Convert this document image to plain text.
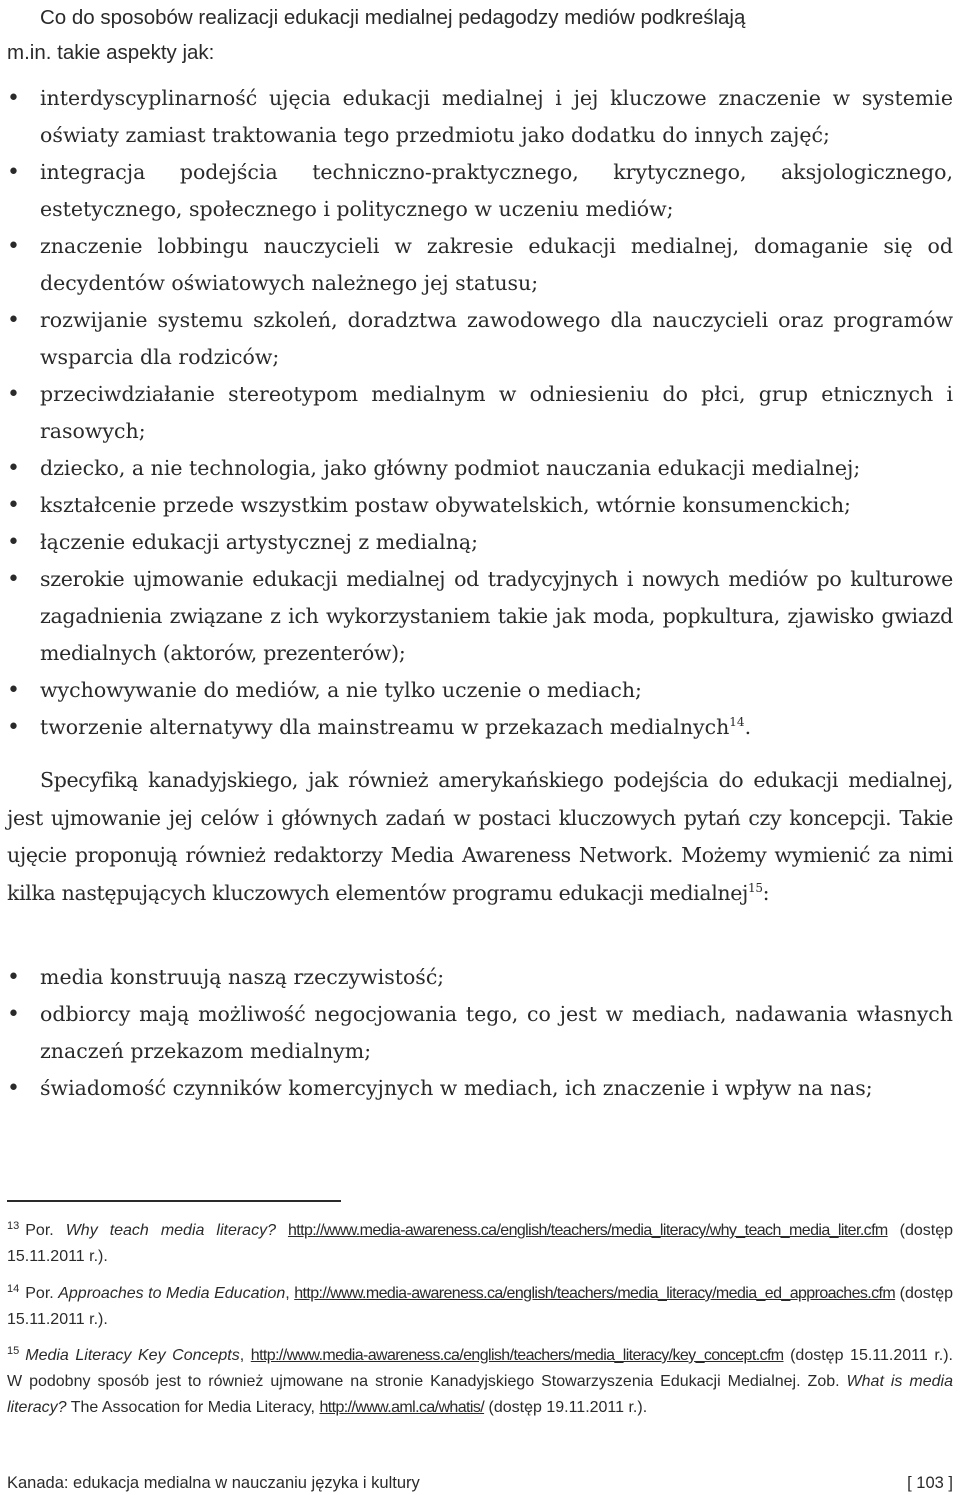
Co do sposobów realizacji edukacji medialnej pedagodzy mediów podkreślają
m.in. takie aspekty jak:

• interdyscyplinarność ujęcia edukacji medialnej i jej kluczowe znaczenie w systemie oświaty zamiast traktowania tego przedmiotu jako dodatku do innych zajęć;
• integracja podejścia techniczno-praktycznego, krytycznego, aksjologicznego, estetycznego, społecznego i politycznego w uczeniu mediów;
• znaczenie lobbingu nauczycieli w zakresie edukacji medialnej, domaganie się od decydentów oświatowych należnego jej statusu;
• rozwijanie systemu szkoleń, doradztwa zawodowego dla nauczycieli oraz programów wsparcia dla rodziców;
• przeciwdziałanie stereotypom medialnym w odniesieniu do płci, grup etnicznych i rasowych;
• dziecko, a nie technologia, jako główny podmiot nauczania edukacji medialnej;
• kształcenie przede wszystkim postaw obywatelskich, wtórnie konsumenckich;
• łączenie edukacji artystycznej z medialną;
• szerokie ujmowanie edukacji medialnej od tradycyjnych i nowych mediów po kulturowe zagadnienia związane z ich wykorzystaniem takie jak moda, popkultura, zjawisko gwiazd medialnych (aktorów, prezenterów);
• wychowywanie do mediów, a nie tylko uczenie o mediach;
• tworzenie alternatywy dla mainstreamu w przekazach medialnych$^{14}$.

Specyfiką kanadyjskiego, jak również amerykańskiego podejścia do edukacji medialnej, jest ujmowanie jej celów i głównych zadań w postaci kluczowych pytań czy koncepcji. Takie ujęcie proponują również redaktorzy Media Awareness Network. Możemy wymienić za nimi kilka następujących kluczowych elementów programu edukacji medialnej$^{15}$:

• media konstruują naszą rzeczywistość;
• odbiorcy mają możliwość negocjowania tego, co jest w mediach, nadawania własnych znaczeń przekazom medialnym;
• świadomość czynników komercyjnych w mediach, ich znaczenie i wpływ na nas;

$^{13}$ Por. Why teach media literacy? http://www.media-awareness.ca/english/teachers/media_literacy/why_teach_media_liter.cfm (dostęp 15.11.2011 r.).

$^{14}$ Por. Approaches to Media Education, http://www.media-awareness.ca/english/teachers/media_literacy/media_ed_approaches.cfm (dostęp 15.11.2011 r.).

$^{15}$ Media Literacy Key Concepts, http://www.media-awareness.ca/english/teachers/media_literacy/key_concept.cfm (dostęp 15.11.2011 r.). W podobny sposób jest to również ujmowane na stronie Kanadyjskiego Stowarzyszenia Edukacji Medialnej. Zob. What is media literacy? The Assocation for Media Literacy, http://www.aml.ca/whatis/ (dostęp 19.11.2011 r.).

Kanada: edukacja medialna w nauczaniu języka i kultury	[ 103 ]
